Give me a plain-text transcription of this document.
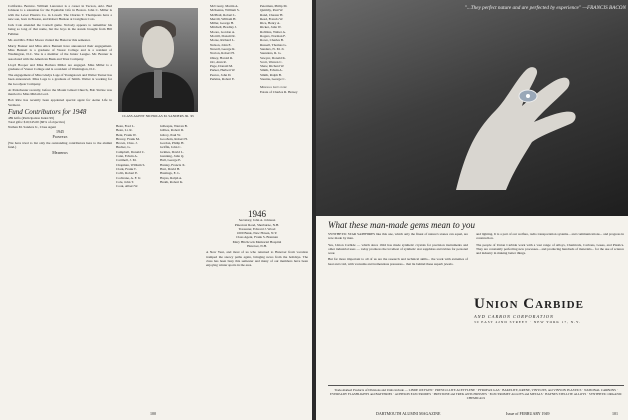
California. Bernice. William Lancaster is a career in Tucson, Ariz. Bud Johnson is a salesman for the Equitable Life in Boston. John C. Miller is with the Lever Plastics Co. in Lowell. The Charles T. Thompsons have a new son, born in Boston, and Robert Hudson at Creighton Colo.

Jack Cole attended the Cornell game. Nobody appears to remember his being so long of that name, but the boys in the stands brought from Bill Fellmer.

Mr. and Mrs. Elliot Moore visited the Hanover this semester.

Marty Bonner and Miss Alice Bennett have announced their engagement. Miss Bennett is a graduate of Vassar College and is a resident of Washington, D.C. She is a member of the Junior League. Mr. Bonner is associated with the American Bank and Trust Company.

Lloyd Hooper and Miss Barbara Miller are engaged. Miss Miller is a graduate of Vassar College and is a resident of Washington, D.C.

The engagement of Miss Gladys Lage of Youngstown and Walter Turner has been announced. Miss Lage is a graduate of Smith. Walter is working for the Goodyear Company.

At Parkchester recently, before the Mount Gilead Church, Bob Sirrine was married to Miss Miriam Lord.

Bob Rice has recently been appointed special agent for Aetna Life in Vermont.

Fund Contributors for 1948
489 Gifts (Participation Index 99)
Total gifts: $10,545.00 (66% of objective)
Nathan M. Sanders Jr., Class Agent
1945
Pioneers

(We have tried to list only the outstanding contributors here to the alumni fund.)

Members
CLASS AGENT NICHOLAS M. SANDERS JR. '45
Bean, Fred L.
Bean, Lt. R.
Bent, Frank W.
Bracey, Frank M.
Brown, Chas. J.
Bucher, G.
Campbell, Donald C.
Cann, Edwin A.
Cartmell, J. M.
Chapman, William S.
Clark, Frank T.
Cobb, Robert E.
Cochrane, A. F. Jr.
Cole, John T.
Cook, Albert W.
Gillespie, Warren B.
Gillies, Robert D.
Gilroy, Paul W.
Goodwin, Robert H.
Gordon, Philip H.
Griffin, John C.
Grimes, David L.
Gunning, John Q.
Hall, George E.
Hanley, Francis X.
Hart, David H.
Hastings, E. L.
Hayes, Ralph A.
Heath, Robert K.
McCreary, Martin A.
McKenna, William S.
McPhail, Robert L.
Merrill, William H.
Miller, George H.
Mitchell, Bradley J.
Moore, Gordon A.
Morrill, Donald R.
Morse, Richard L.
Nelson, John E.
Newell, George R.
Norton, Robert H.
Olney, Harold R.
Orr, Alan R.
Page, Donald M.
Parker, Herbert W.
Pearce, John D.
Perkins, Robert E.
Peterman, Philip M.
Quimby, Paul W.
Rand, Chester H.
Reed, Francis W.
Rice, Henry A.
Ricker, John W.
Robbins, Walter A.
Rogers, Norman F.
Rowe, Charles B.
Russell, Thomas G.
Sanders, N. M. Jr.
Saunders, R. G.
Sawyer, Donald K.
Scott, Warren C.
Shaw, Richard W.
Smith, Edwin A.
Smith, Ralph B.
Stearns, George C.
Memorial Gifts from:
Estate of Charles R. Hersey
1946
Secretary, John A. Johnson
Pinecrest Road, Sherburne, N.H.
Treasurer, Edward J. Wood
1000 Bank, New Haven, N.Y.
Class Agent, Frank S. Brennan
Mary Hitchcock Memorial Hospital
Hanover, N.H.

A New Year, and most of us who returned to Hanover from vacation tramped the snowy paths again, bringing news from the holidays. The class has been busy this semester and many of our members have been enjoying winter sports in the area.

100
"...They perfect nature and are perfected by experience" —FRANCIS BACON
What these man-made gems mean to you

SYNTHETIC STAR SAPPHIRES like this one, which only the finest of nature's stones can equal, are now made by man.

Yes, Union Carbide — which since 1942 has made synthetic crystals for precision instruments and other industrial uses — today produces the loveliest of synthetic star sapphires and rubies for personal wear.

But far more important to all of us are the research and technical skills... the work with extremes of heat and cold, with vacuums and tremendous pressures... that lie behind these superb jewels.

and lighting. It is a part of our welfare, radio transportation systems... and communications... and progress in construction.

The people of Union Carbide work with a vast range of Alloys, Chemicals, Carbons, Gases, and Plastics. They are constantly perfecting new processes... and producing hundreds of materials... for the use of science and industry in making better things.

Union Carbide
AND CARBON CORPORATION
30 EAST 42ND STREET · NEW YORK 17, N.Y.
Trade-marked Products of Divisions and Units include — LINDE OXYGEN · PREST-O-LITE ACETYLENE · PYROFAX GAS · BAKELITE, KRENE, VINYLITE, and VINYON PLASTICS · NATIONAL CARBONS · EVEREADY FLASHLIGHTS and BATTERIES · ACHESON ELECTRODES · PRESTONE and TREK ANTI-FREEZES · ELECTROMET ALLOYS and METALS · HAYNES STELLITE ALLOYS · SYNTHETIC ORGANIC CHEMICALS
DARTMOUTH ALUMNI MAGAZINE	Issue of FEBRUARY 1949	101
